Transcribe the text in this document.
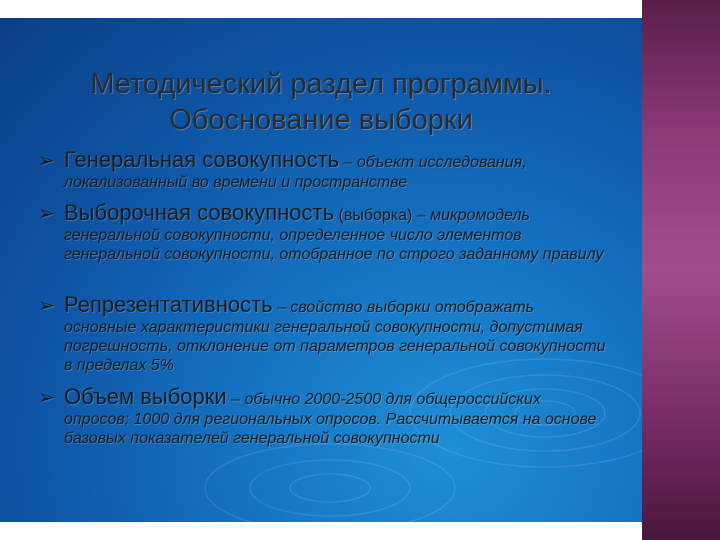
Методический раздел программы.
Обоснование выборки
➢ Генеральная совокупность – объект исследования,
локализованный во времени и пространстве
➢ Выборочная совокупность (выборка) – микромодель
генеральной совокупности, определенное число элементов генеральной совокупности, отобранное по строго заданному правилу
➢ Репрезентативность – свойство выборки отображать
основные характеристики генеральной совокупности, допустимая погрешность, отклонение от параметров генеральной совокупности в пределах 5%
➢ Объем выборки – обычно 2000-2500 для общероссийских
опросов; 1000 для региональных опросов. Рассчитывается на основе базовых показателей генеральной совокупности
